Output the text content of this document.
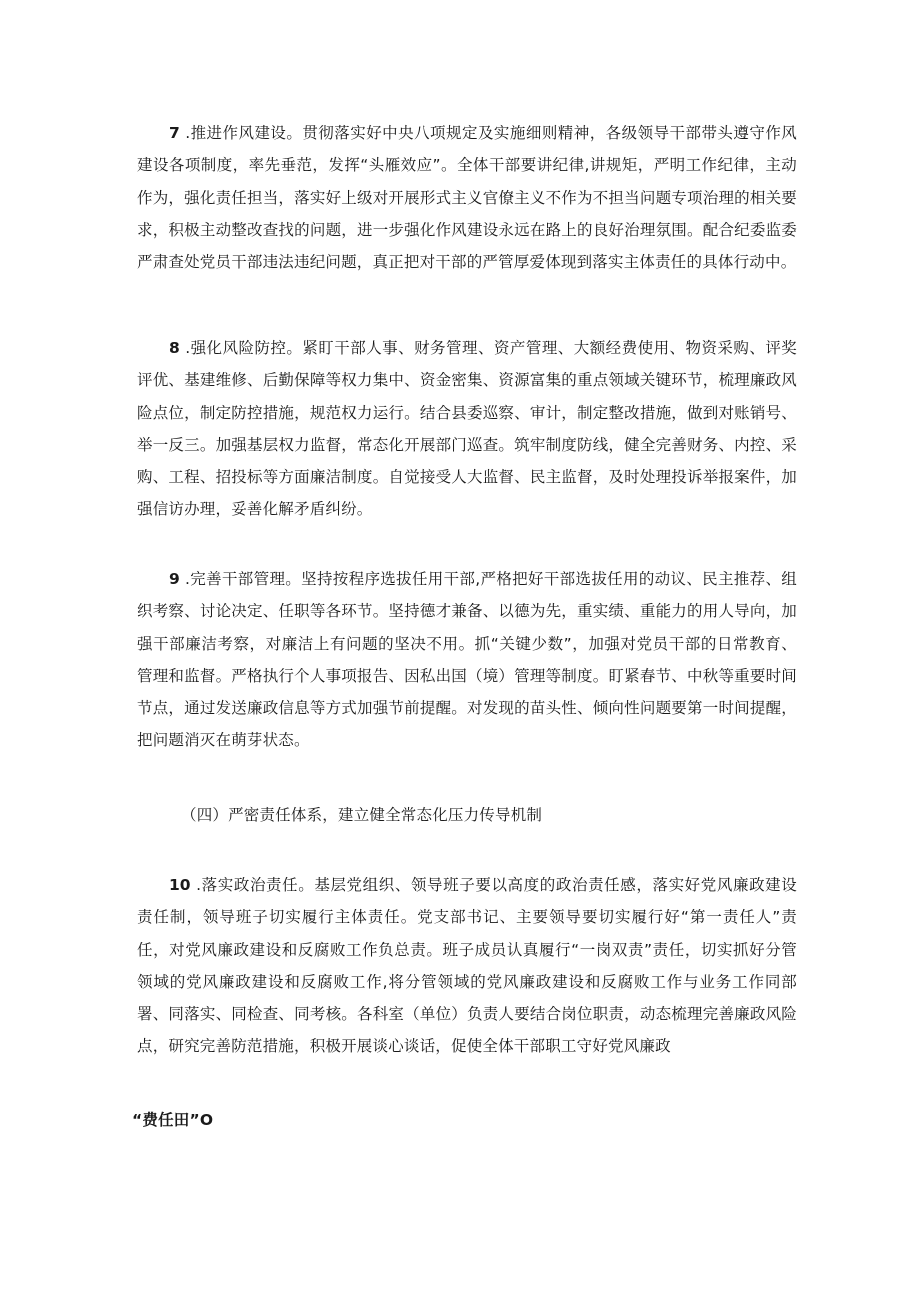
7 .推进作风建设。贯彻落实好中央八项规定及实施细则精神，各级领导干部带头遵守作风建设各项制度，率先垂范，发挥“头雁效应”。全体干部要讲纪律,讲规矩，严明工作纪律，主动作为，强化责任担当，落实好上级对开展形式主义官僚主义不作为不担当问题专项治理的相关要求，积极主动整改查找的问题，进一步强化作风建设永远在路上的良好治理氛围。配合纪委监委严肃查处党员干部违法违纪问题，真正把对干部的严管厚爱体现到落实主体责任的具体行动中。

8 .强化风险防控。紧盯干部人事、财务管理、资产管理、大额经费使用、物资采购、评奖评优、基建维修、后勤保障等权力集中、资金密集、资源富集的重点领域关键环节，梳理廉政风险点位，制定防控措施，规范权力运行。结合县委巡察、审计，制定整改措施，做到对账销号、举一反三。加强基层权力监督，常态化开展部门巡查。筑牢制度防线，健全完善财务、内控、采购、工程、招投标等方面廉洁制度。自觉接受人大监督、民主监督，及时处理投诉举报案件，加强信访办理，妥善化解矛盾纠纷。

9 .完善干部管理。坚持按程序选拔任用干部,严格把好干部选拔任用的动议、民主推荐、组织考察、讨论决定、任职等各环节。坚持德才兼备、以德为先，重实绩、重能力的用人导向，加强干部廉洁考察，对廉洁上有问题的坚决不用。抓“关键少数”，加强对党员干部的日常教育、管理和监督。严格执行个人事项报告、因私出国（境）管理等制度。盯紧春节、中秋等重要时间节点，通过发送廉政信息等方式加强节前提醒。对发现的苗头性、倾向性问题要第一时间提醒，把问题消灭在萌芽状态。

（四）严密责任体系，建立健全常态化压力传导机制

10 .落实政治责任。基层党组织、领导班子要以高度的政治责任感，落实好党风廉政建设责任制，领导班子切实履行主体责任。党支部书记、主要领导要切实履行好“第一责任人”责任，对党风廉政建设和反腐败工作负总责。班子成员认真履行“一岗双责”责任，切实抓好分管领域的党风廉政建设和反腐败工作,将分管领域的党风廉政建设和反腐败工作与业务工作同部署、同落实、同检查、同考核。各科室（单位）负责人要结合岗位职责，动态梳理完善廉政风险点，研究完善防范措施，积极开展谈心谈话，促使全体干部职工守好党风廉政

“费任田”O
